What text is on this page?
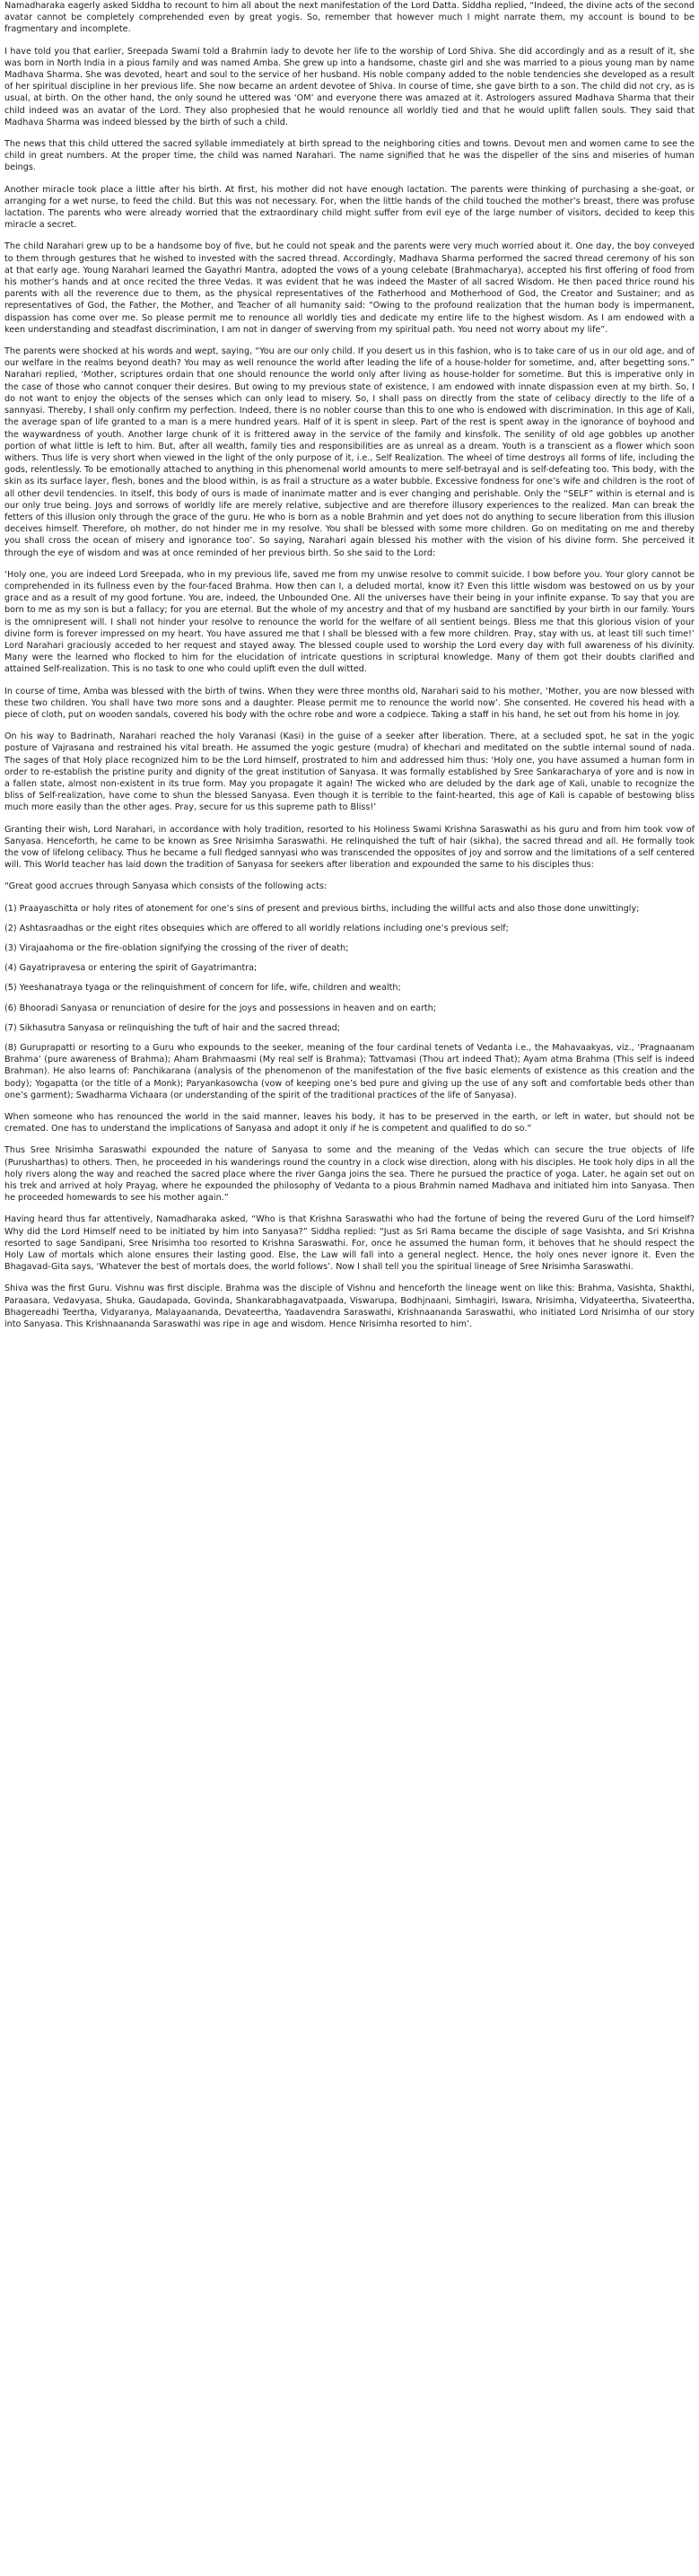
Namadharaka eagerly asked Siddha to recount to him all about the next manifestation of the Lord Datta. Siddha replied, “Indeed, the divine acts of the second avatar cannot be completely comprehended even by great yogis. So, remember that however much I might narrate them, my account is bound to be fragmentary and incomplete.

I have told you that earlier, Sreepada Swami told a Brahmin lady to devote her life to the worship of Lord Shiva. She did accordingly and as a result of it, she was born in North India in a pious family and was named Amba. She grew up into a handsome, chaste girl and she was married to a pious young man by name Madhava Sharma. She was devoted, heart and soul to the service of her husband. His noble company added to the noble tendencies she developed as a result of her spiritual discipline in her previous life. She now became an ardent devotee of Shiva. In course of time, she gave birth to a son. The child did not cry, as is usual, at birth. On the other hand, the only sound he uttered was ‘OM’ and everyone there was amazed at it. Astrologers assured Madhava Sharma that their child indeed was an avatar of the Lord. They also prophesied that he would renounce all worldly tied and that he would uplift fallen souls. They said that Madhava Sharma was indeed blessed by the birth of such a child.

The news that this child uttered the sacred syllable immediately at birth spread to the neighboring cities and towns. Devout men and women came to see the child in great numbers. At the proper time, the child was named Narahari. The name signified that he was the dispeller of the sins and miseries of human beings.

Another miracle took place a little after his birth. At first, his mother did not have enough lactation. The parents were thinking of purchasing a she-goat, or arranging for a wet nurse, to feed the child. But this was not necessary. For, when the little hands of the child touched the mother’s breast, there was profuse lactation. The parents who were already worried that the extraordinary child might suffer from evil eye of the large number of visitors, decided to keep this miracle a secret.

The child Narahari grew up to be a handsome boy of five, but he could not speak and the parents were very much worried about it. One day, the boy conveyed to them through gestures that he wished to invested with the sacred thread. Accordingly, Madhava Sharma performed the sacred thread ceremony of his son at that early age. Young Narahari learned the Gayathri Mantra, adopted the vows of a young celebate (Brahmacharya), accepted his first offering of food from his mother’s hands and at once recited the three Vedas. It was evident that he was indeed the Master of all sacred Wisdom. He then paced thrice round his parents with all the reverence due to them, as the physical representatives of the Fatherhood and Motherhood of God, the Creator and Sustainer; and as representatives of God, the Father, the Mother, and Teacher of all humanity said: “Owing to the profound realization that the human body is impermanent, dispassion has come over me. So please permit me to renounce all worldly ties and dedicate my entire life to the highest wisdom. As I am endowed with a keen understanding and steadfast discrimination, I am not in danger of swerving from my spiritual path. You need not worry about my life”.

The parents were shocked at his words and wept, saying, “You are our only child. If you desert us in this fashion, who is to take care of us in our old age, and of our welfare in the realms beyond death? You may as well renounce the world after leading the life of a house-holder for sometime, and, after begetting sons.” Narahari replied, ‘Mother, scriptures ordain that one should renounce the world only after living as house-holder for sometime. But this is imperative only in the case of those who cannot conquer their desires. But owing to my previous state of existence, I am endowed with innate dispassion even at my birth. So, I do not want to enjoy the objects of the senses which can only lead to misery. So, I shall pass on directly from the state of celibacy directly to the life of a sannyasi. Thereby, I shall only confirm my perfection. Indeed, there is no nobler course than this to one who is endowed with discrimination. In this age of Kali, the average span of life granted to a man is a mere hundred years. Half of it is spent in sleep. Part of the rest is spent away in the ignorance of boyhood and the waywardness of youth. Another large chunk of it is frittered away in the service of the family and kinsfolk. The senility of old age gobbles up another portion of what little is left to him. But, after all wealth, family ties and responsibilities are as unreal as a dream. Youth is a transcient as a flower which soon withers. Thus life is very short when viewed in the light of the only purpose of it, i.e., Self Realization. The wheel of time destroys all forms of life, including the gods, relentlessly. To be emotionally attached to anything in this phenomenal world amounts to mere self-betrayal and is self-defeating too. This body, with the skin as its surface layer, flesh, bones and the blood within, is as frail a structure as a water bubble. Excessive fondness for one’s wife and children is the root of all other devil tendencies. In itself, this body of ours is made of inanimate matter and is ever changing and perishable. Only the “SELF” within is eternal and is our only true being. Joys and sorrows of worldly life are merely relative, subjective and are therefore illusory experiences to the realized. Man can break the fetters of this illusion only through the grace of the guru. He who is born as a noble Brahmin and yet does not do anything to secure liberation from this illusion deceives himself. Therefore, oh mother, do not hinder me in my resolve. You shall be blessed with some more children. Go on meditating on me and thereby you shall cross the ocean of misery and ignorance too’. So saying, Narahari again blessed his mother with the vision of his divine form. She perceived it through the eye of wisdom and was at once reminded of her previous birth. So she said to the Lord:

‘Holy one, you are indeed Lord Sreepada, who in my previous life, saved me from my unwise resolve to commit suicide. I bow before you. Your glory cannot be comprehended in its fullness even by the four-faced Brahma. How then can I, a deluded mortal, know it? Even this little wisdom was bestowed on us by your grace and as a result of my good fortune. You are, indeed, the Unbounded One. All the universes have their being in your infinite expanse. To say that you are born to me as my son is but a fallacy; for you are eternal. But the whole of my ancestry and that of my husband are sanctified by your birth in our family. Yours is the omnipresent will. I shall not hinder your resolve to renounce the world for the welfare of all sentient beings. Bless me that this glorious vision of your divine form is forever impressed on my heart. You have assured me that I shall be blessed with a few more children. Pray, stay with us, at least till such time!’ Lord Narahari graciously acceded to her request and stayed away. The blessed couple used to worship the Lord every day with full awareness of his divinity. Many were the learned who flocked to him for the elucidation of intricate questions in scriptural knowledge. Many of them got their doubts clarified and attained Self-realization. This is no task to one who could uplift even the dull witted.

In course of time, Amba was blessed with the birth of twins. When they were three months old, Narahari said to his mother, ‘Mother, you are now blessed with these two children. You shall have two more sons and a daughter. Please permit me to renounce the world now’. She consented. He covered his head with a piece of cloth, put on wooden sandals, covered his body with the ochre robe and wore a codpiece. Taking a staff in his hand, he set out from his home in joy.

On his way to Badrinath, Narahari reached the holy Varanasi (Kasi) in the guise of a seeker after liberation. There, at a secluded spot, he sat in the yogic posture of Vajrasana and restrained his vital breath. He assumed the yogic gesture (mudra) of khechari and meditated on the subtle internal sound of nada. The sages of that Holy place recognized him to be the Lord himself, prostrated to him and addressed him thus: ‘Holy one, you have assumed a human form in order to re-establish the pristine purity and dignity of the great institution of Sanyasa. It was formally established by Sree Sankaracharya of yore and is now in a fallen state, almost non-existent in its true form. May you propagate it again! The wicked who are deluded by the dark age of Kali, unable to recognize the bliss of Self-realization, have come to shun the blessed Sanyasa. Even though it is terrible to the faint-hearted, this age of Kali is capable of bestowing bliss much more easily than the other ages. Pray, secure for us this supreme path to Bliss!’

Granting their wish, Lord Narahari, in accordance with holy tradition, resorted to his Holiness Swami Krishna Saraswathi as his guru and from him took vow of Sanyasa. Henceforth, he came to be known as Sree Nrisimha Saraswathi. He relinquished the tuft of hair (sikha), the sacred thread and all. He formally took the vow of lifelong celibacy. Thus he became a full fledged sannyasi who was transcended the opposites of joy and sorrow and the limitations of a self centered will. This World teacher has laid down the tradition of Sanyasa for seekers after liberation and expounded the same to his disciples thus:

“Great good accrues through Sanyasa which consists of the following acts:

(1) Praayaschitta or holy rites of atonement for one’s sins of present and previous births, including the willful acts and also those done unwittingly;

(2) Ashtasraadhas or the eight rites obsequies which are offered to all worldly relations including one’s previous self;

(3) Virajaahoma or the fire-oblation signifying the crossing of the river of death;

(4) Gayatripravesa or entering the spirit of Gayatrimantra;

(5) Yeeshanatraya tyaga or the relinquishment of concern for life, wife, children and wealth;

(6) Bhooradi Sanyasa or renunciation of desire for the joys and possessions in heaven and on earth;

(7) Sikhasutra Sanyasa or relinquishing the tuft of hair and the sacred thread;

(8) Guruprapatti or resorting to a Guru who expounds to the seeker, meaning of the four cardinal tenets of Vedanta i.e., the Mahavaakyas, viz., ‘Pragnaanam Brahma’ (pure awareness of Brahma); Aham Brahmaasmi (My real self is Brahma); Tattvamasi (Thou art indeed That); Ayam atma Brahma (This self is indeed Brahman). He also learns of: Panchikarana (analysis of the phenomenon of the manifestation of the five basic elements of existence as this creation and the body); Yogapatta (or the title of a Monk); Paryankasowcha (vow of keeping one’s bed pure and giving up the use of any soft and comfortable beds other than one’s garment); Swadharma Vichaara (or understanding of the spirit of the traditional practices of the life of Sanyasa).

When someone who has renounced the world in the said manner, leaves his body, it has to be preserved in the earth, or left in water, but should not be cremated. One has to understand the implications of Sanyasa and adopt it only if he is competent and qualified to do so.”

Thus Sree Nrisimha Saraswathi expounded the nature of Sanyasa to some and the meaning of the Vedas which can secure the true objects of life (Purusharthas) to others. Then, he proceeded in his wanderings round the country in a clock wise direction, along with his disciples. He took holy dips in all the holy rivers along the way and reached the sacred place where the river Ganga joins the sea. There he pursued the practice of yoga. Later, he again set out on his trek and arrived at holy Prayag, where he expounded the philosophy of Vedanta to a pious Brahmin named Madhava and initiated him into Sanyasa. Then he proceeded homewards to see his mother again.”

Having heard thus far attentively, Namadharaka asked, “Who is that Krishna Saraswathi who had the fortune of being the revered Guru of the Lord himself? Why did the Lord Himself need to be initiated by him into Sanyasa?” Siddha replied: “Just as Sri Rama became the disciple of sage Vasishta, and Sri Krishna resorted to sage Sandipani, Sree Nrisimha too resorted to Krishna Saraswathi. For, once he assumed the human form, it behoves that he should respect the Holy Law of mortals which alone ensures their lasting good. Else, the Law will fall into a general neglect. Hence, the holy ones never ignore it. Even the Bhagavad-Gita says, ‘Whatever the best of mortals does, the world follows’. Now I shall tell you the spiritual lineage of Sree Nrisimha Saraswathi.

Shiva was the first Guru. Vishnu was first disciple. Brahma was the disciple of Vishnu and henceforth the lineage went on like this: Brahma, Vasishta, Shakthi, Paraasara, Vedavyasa, Shuka, Gaudapada, Govinda, Shankarabhagavatpaada, Viswarupa, Bodhjnaani, Simhagiri, Iswara, Nrisimha, Vidyateertha, Sivateertha, Bhagereadhi Teertha, Vidyaranya, Malayaananda, Devateertha, Yaadavendra Saraswathi, Krishnaananda Saraswathi, who initiated Lord Nrisimha of our story into Sanyasa. This Krishnaananda Saraswathi was ripe in age and wisdom. Hence Nrisimha resorted to him’.
